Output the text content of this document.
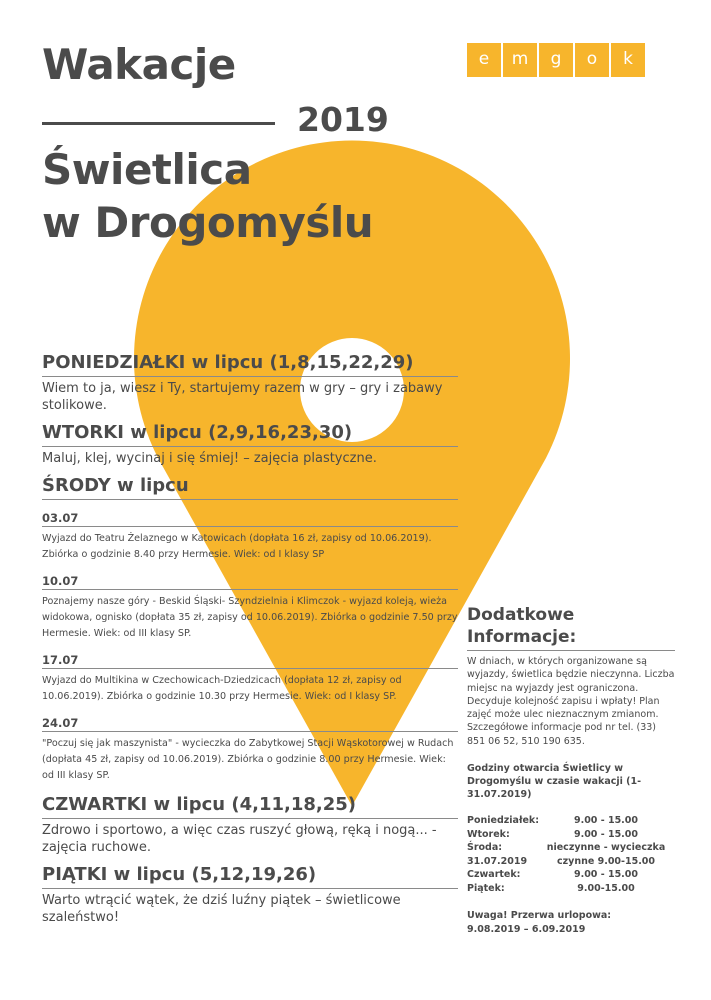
Wakacje
2019
Świetlica
w Drogomyślu
e	m	g	o	k
PONIEDZIAŁKI w lipcu (1,8,15,22,29)
Wiem to ja, wiesz i Ty, startujemy razem w gry – gry i zabawy stolikowe.
WTORKI w lipcu (2,9,16,23,30)
Maluj, klej, wycinaj i się śmiej! – zajęcia plastyczne.
ŚRODY w lipcu
03.07
Wyjazd do Teatru Żelaznego w Katowicach (dopłata 16 zł, zapisy od 10.06.2019). Zbiórka o godzinie 8.40 przy Hermesie. Wiek: od I klasy SP
10.07
Poznajemy nasze góry - Beskid Śląski- Szyndzielnia i Klimczok - wyjazd koleją, wieża widokowa, ognisko (dopłata 35 zł, zapisy od 10.06.2019). Zbiórka o godzinie 7.50 przy Hermesie. Wiek: od III klasy SP.
17.07
Wyjazd do Multikina w Czechowicach-Dziedzicach (dopłata 12 zł, zapisy od 10.06.2019). Zbiórka o godzinie 10.30 przy Hermesie. Wiek: od I klasy SP.
24.07
"Poczuj się jak maszynista" - wycieczka do Zabytkowej Stacji Wąskotorowej w Rudach (dopłata 45 zł, zapisy od 10.06.2019). Zbiórka o godzinie 8.00 przy Hermesie. Wiek: od III klasy SP.
CZWARTKI w lipcu (4,11,18,25)
Zdrowo i sportowo, a więc czas ruszyć głową, ręką i nogą... - zajęcia ruchowe.
PIĄTKI w lipcu (5,12,19,26)
Warto wtrącić wątek, że dziś luźny piątek – świetlicowe szaleństwo!
Dodatkowe
Informacje:
W dniach, w których organizowane są wyjazdy, świetlica będzie nieczynna. Liczba miejsc na wyjazdy jest ograniczona. Decyduje kolejność zapisu i wpłaty! Plan zajęć może ulec nieznacznym zmianom. Szczegółowe informacje pod nr tel. (33) 851 06 52, 510 190 635.
Godziny otwarcia Świetlicy w Drogomyślu w czasie wakacji (1-31.07.2019)
Poniedziałek:	9.00 - 15.00
Wtorek:	9.00 - 15.00
Środa:	nieczynne - wycieczka
31.07.2019	czynne 9.00-15.00
Czwartek:	9.00 - 15.00
Piątek:	9.00-15.00
Uwaga! Przerwa urlopowa:
9.08.2019 – 6.09.2019
